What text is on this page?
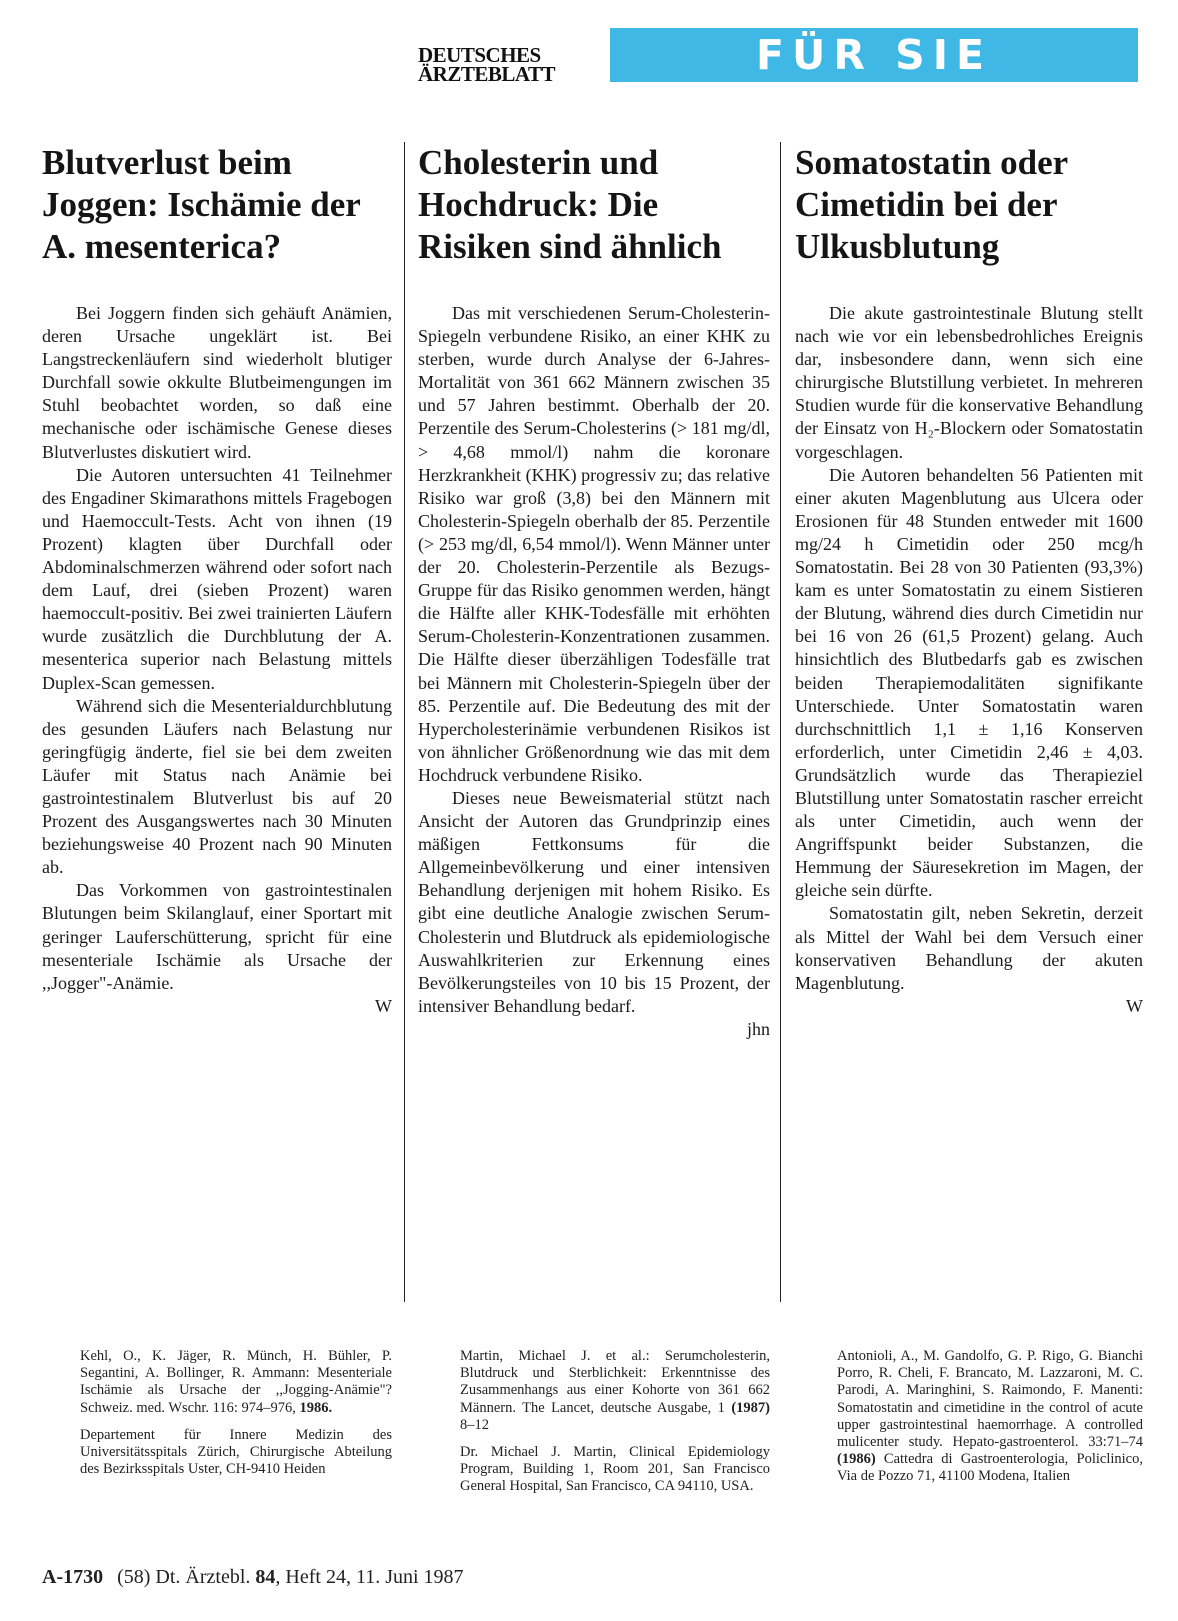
DEUTSCHES
ÄRZTEBLATT	FÜR SIE REFERIERT
Blutverlust beim Joggen: Ischämie der A. mesenterica?

Bei Joggern finden sich gehäuft Anämien, deren Ursache ungeklärt ist. Bei Langstreckenläufern sind wiederholt blutiger Durchfall sowie okkulte Blutbeimengungen im Stuhl beobachtet worden, so daß eine mechanische oder ischämische Genese dieses Blutverlustes diskutiert wird.

Die Autoren untersuchten 41 Teilnehmer des Engadiner Skimarathons mittels Fragebogen und Haemoccult-Tests. Acht von ihnen (19 Prozent) klagten über Durchfall oder Abdominalschmerzen während oder sofort nach dem Lauf, drei (sieben Prozent) waren haemoccult-positiv. Bei zwei trainierten Läufern wurde zusätzlich die Durchblutung der A. mesenterica superior nach Belastung mittels Duplex-Scan gemessen.

Während sich die Mesenterialdurchblutung des gesunden Läufers nach Belastung nur geringfügig änderte, fiel sie bei dem zweiten Läufer mit Status nach Anämie bei gastrointestinalem Blutverlust bis auf 20 Prozent des Ausgangswertes nach 30 Minuten beziehungsweise 40 Prozent nach 90 Minuten ab.

Das Vorkommen von gastrointestinalen Blutungen beim Skilanglauf, einer Sportart mit geringer Lauferschütterung, spricht für eine mesenteriale Ischämie als Ursache der ,,Jogger"-Anämie.

W
Cholesterin und Hochdruck: Die Risiken sind ähnlich

Das mit verschiedenen Serum-Cholesterin-Spiegeln verbundene Risiko, an einer KHK zu sterben, wurde durch Analyse der 6-Jahres-Mortalität von 361 662 Männern zwischen 35 und 57 Jahren bestimmt. Oberhalb der 20. Perzentile des Serum-Cholesterins (> 181 mg/dl, > 4,68 mmol/l) nahm die koronare Herzkrankheit (KHK) progressiv zu; das relative Risiko war groß (3,8) bei den Männern mit Cholesterin-Spiegeln oberhalb der 85. Perzentile (> 253 mg/dl, 6,54 mmol/l). Wenn Männer unter der 20. Cholesterin-Perzentile als Bezugs-Gruppe für das Risiko genommen werden, hängt die Hälfte aller KHK-Todesfälle mit erhöhten Serum-Cholesterin-Konzentrationen zusammen. Die Hälfte dieser überzähligen Todesfälle trat bei Männern mit Cholesterin-Spiegeln über der 85. Perzentile auf. Die Bedeutung des mit der Hypercholesterinämie verbundenen Risikos ist von ähnlicher Größenordnung wie das mit dem Hochdruck verbundene Risiko.

Dieses neue Beweismaterial stützt nach Ansicht der Autoren das Grundprinzip eines mäßigen Fettkonsums für die Allgemeinbevölkerung und einer intensiven Behandlung derjenigen mit hohem Risiko. Es gibt eine deutliche Analogie zwischen Serum-Cholesterin und Blutdruck als epidemiologische Auswahlkriterien zur Erkennung eines Bevölkerungsteiles von 10 bis 15 Prozent, der intensiver Behandlung bedarf.

jhn
Somatostatin oder Cimetidin bei der Ulkusblutung

Die akute gastrointestinale Blutung stellt nach wie vor ein lebensbedrohliches Ereignis dar, insbesondere dann, wenn sich eine chirurgische Blutstillung verbietet. In mehreren Studien wurde für die konservative Behandlung der Einsatz von H₂-Blockern oder Somatostatin vorgeschlagen.

Die Autoren behandelten 56 Patienten mit einer akuten Magenblutung aus Ulcera oder Erosionen für 48 Stunden entweder mit 1600 mg/24 h Cimetidin oder 250 mcg/h Somatostatin. Bei 28 von 30 Patienten (93,3%) kam es unter Somatostatin zu einem Sistieren der Blutung, während dies durch Cimetidin nur bei 16 von 26 (61,5 Prozent) gelang. Auch hinsichtlich des Blutbedarfs gab es zwischen beiden Therapiemodalitäten signifikante Unterschiede. Unter Somatostatin waren durchschnittlich 1,1 ± 1,16 Konserven erforderlich, unter Cimetidin 2,46 ± 4,03. Grundsätzlich wurde das Therapieziel Blutstillung unter Somatostatin rascher erreicht als unter Cimetidin, auch wenn der Angriffspunkt beider Substanzen, die Hemmung der Säuresekretion im Magen, der gleiche sein dürfte.

Somatostatin gilt, neben Sekretin, derzeit als Mittel der Wahl bei dem Versuch einer konservativen Behandlung der akuten Magenblutung.

W

Kehl, O., K. Jäger, R. Münch, H. Bühler, P. Segantini, A. Bollinger, R. Ammann: Mesenteriale Ischämie als Ursache der ,,Jogging-Anämie"? Schweiz. med. Wschr. 116: 974–976, 1986.

Departement für Innere Medizin des Universitätsspitals Zürich, Chirurgische Abteilung des Bezirksspitals Uster, CH-9410 Heiden

Martin, Michael J. et al.: Serumcholesterin, Blutdruck und Sterblichkeit: Erkenntnisse des Zusammenhangs aus einer Kohorte von 361 662 Männern. The Lancet, deutsche Ausgabe, 1 (1987) 8–12

Dr. Michael J. Martin, Clinical Epidemiology Program, Building 1, Room 201, San Francisco General Hospital, San Francisco, CA 94110, USA.

Antonioli, A., M. Gandolfo, G. P. Rigo, G. Bianchi Porro, R. Cheli, F. Brancato, M. Lazzaroni, M. C. Parodi, A. Maringhini, S. Raimondo, F. Manenti: Somatostatin and cimetidine in the control of acute upper gastrointestinal haemorrhage. A controlled mulicenter study. Hepato-gastroenterol. 33:71–74 (1986) Cattedra di Gastroenterologia, Policlinico, Via de Pozzo 71, 41100 Modena, Italien

A-1730 (58) Dt. Ärztebl. 84, Heft 24, 11. Juni 1987
